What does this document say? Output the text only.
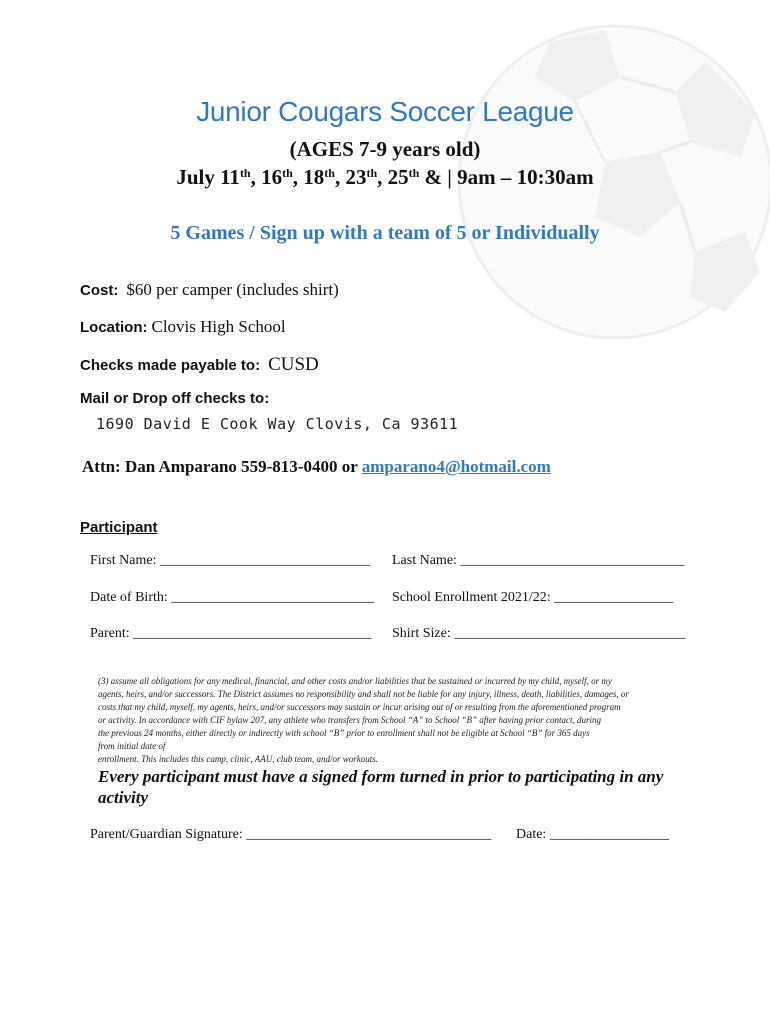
Junior Cougars Soccer League
(AGES 7-9 years old)
July 11th, 16th, 18th, 23th, 25th & | 9am – 10:30am
5 Games / Sign up with a team of 5 or Individually
Cost: $60 per camper (includes shirt)
Location: Clovis High School
Checks made payable to: CUSD
Mail or Drop off checks to:
1690 David E Cook Way Clovis, Ca 93611
Attn: Dan Amparano 559-813-0400 or amparano4@hotmail.com
Participant
First Name: ______________________________ Last Name: ________________________________
Date of Birth: _____________________________ School Enrollment 2021/22: _________________
Parent: __________________________________ Shirt Size: _________________________________
(3) assume all obligations for any medical, financial, and other costs and/or liabilities that be sustained or incurred by my child, myself, or my
agents, heirs, and/or successors. The District assumes no responsibility and shall not be liable for any injury, illness, death, liabilities, damages, or
costs that my child, myself, my agents, heirs, and/or successors may sustain or incur arising out of or resulting from the aforementioned program
or activity. In accordance with CIF bylaw 207, any athlete who transfers from School “A” to School “B” after having prior contact, during
the previous 24 months, either directly or indirectly with school “B” prior to enrollment shall not be eligible at School “B” for 365 days
from initial date of
enrollment. This includes this camp, clinic, AAU, club team, and/or workouts.
Every participant must have a signed form turned in prior to participating in any activity
Parent/Guardian Signature: ___________________________________ Date: _________________
